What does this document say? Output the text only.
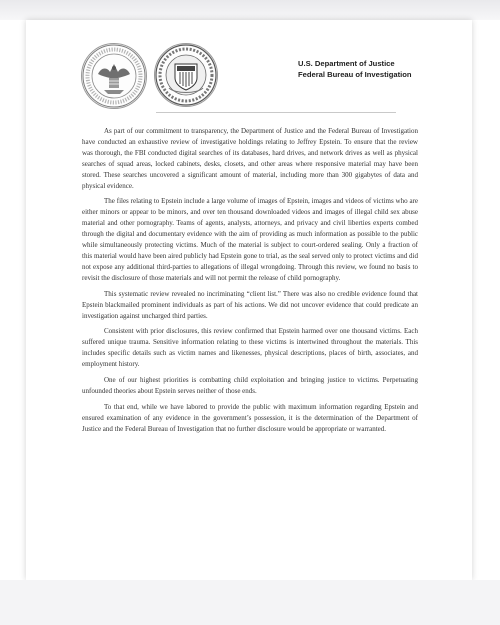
U.S. Department of Justice
Federal Bureau of Investigation

As part of our commitment to transparency, the Department of Justice and the Federal Bureau of Investigation have conducted an exhaustive review of investigative holdings relating to Jeffrey Epstein. To ensure that the review was thorough, the FBI conducted digital searches of its databases, hard drives, and network drives as well as physical searches of squad areas, locked cabinets, desks, closets, and other areas where responsive material may have been stored. These searches uncovered a significant amount of material, including more than 300 gigabytes of data and physical evidence.

The files relating to Epstein include a large volume of images of Epstein, images and videos of victims who are either minors or appear to be minors, and over ten thousand downloaded videos and images of illegal child sex abuse material and other pornography. Teams of agents, analysts, attorneys, and privacy and civil liberties experts combed through the digital and documentary evidence with the aim of providing as much information as possible to the public while simultaneously protecting victims. Much of the material is subject to court-ordered sealing. Only a fraction of this material would have been aired publicly had Epstein gone to trial, as the seal served only to protect victims and did not expose any additional third-parties to allegations of illegal wrongdoing. Through this review, we found no basis to revisit the disclosure of those materials and will not permit the release of child pornography.

This systematic review revealed no incriminating “client list.” There was also no credible evidence found that Epstein blackmailed prominent individuals as part of his actions. We did not uncover evidence that could predicate an investigation against uncharged third parties.

Consistent with prior disclosures, this review confirmed that Epstein harmed over one thousand victims. Each suffered unique trauma. Sensitive information relating to these victims is intertwined throughout the materials. This includes specific details such as victim names and likenesses, physical descriptions, places of birth, associates, and employment history.

One of our highest priorities is combatting child exploitation and bringing justice to victims. Perpetuating unfounded theories about Epstein serves neither of those ends.

To that end, while we have labored to provide the public with maximum information regarding Epstein and ensured examination of any evidence in the government’s possession, it is the determination of the Department of Justice and the Federal Bureau of Investigation that no further disclosure would be appropriate or warranted.
